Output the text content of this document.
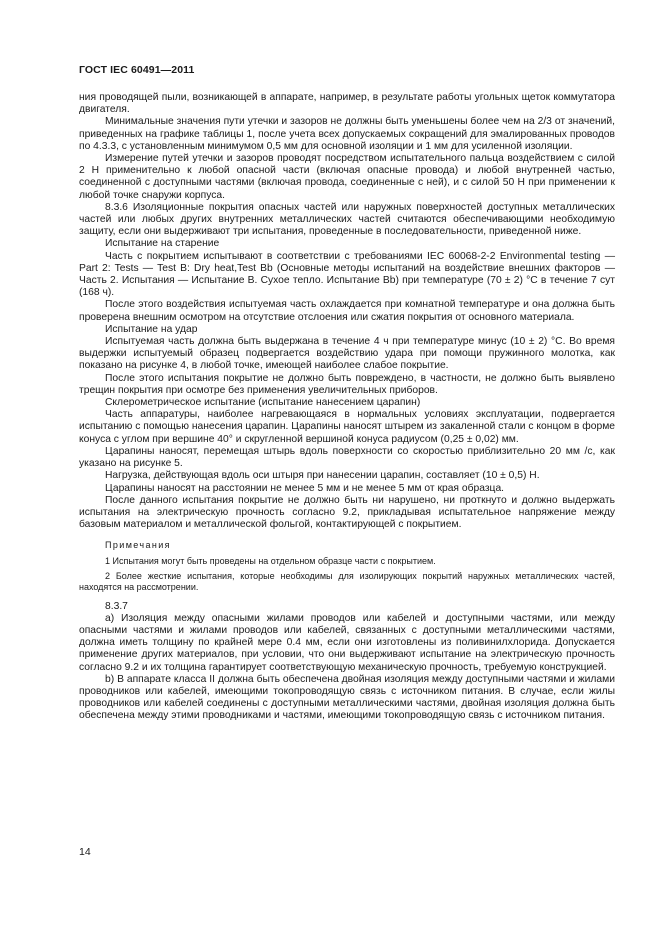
ГОСТ IEC 60491—2011

ния проводящей пыли, возникающей в аппарате, например, в результате работы угольных щеток коммутатора двигателя.

Минимальные значения пути утечки и зазоров не должны быть уменьшены более чем на 2/3 от значений, приведенных на графике таблицы 1, после учета всех допускаемых сокращений для эмалированных проводов по 4.3.3, с установленным минимумом 0,5 мм для основной изоляции и 1 мм для усиленной изоляции.

Измерение путей утечки и зазоров проводят посредством испытательного пальца воздействием с силой 2 Н применительно к любой опасной части (включая опасные провода) и любой внутренней частью, соединенной с доступными частями (включая провода, соединенные с ней), и с силой 50 Н при применении к любой точке снаружи корпуса.

8.3.6 Изоляционные покрытия опасных частей или наружных поверхностей доступных металлических частей или любых других внутренних металлических частей считаются обеспечивающими необходимую защиту, если они выдерживают три испытания, проведенные в последовательности, приведенной ниже.

Испытание на старение

Часть с покрытием испытывают в соответствии с требованиями IEC 60068-2-2 Environmental testing — Part 2: Tests — Test B: Dry heat,Test Bb (Основные методы испытаний на воздействие внешних факторов — Часть 2. Испытания — Испытание В. Сухое тепло. Испытание Bb) при температуре (70 ± 2) °C в течение 7 сут (168 ч).

После этого воздействия испытуемая часть охлаждается при комнатной температуре и она должна быть проверена внешним осмотром на отсутствие отслоения или сжатия покрытия от основного материала.

Испытание на удар

Испытуемая часть должна быть выдержана в течение 4 ч при температуре минус (10 ± 2) °C. Во время выдержки испытуемый образец подвергается воздействию удара при помощи пружинного молотка, как показано на рисунке 4, в любой точке, имеющей наиболее слабое покрытие.

После этого испытания покрытие не должно быть повреждено, в частности, не должно быть выявлено трещин покрытия при осмотре без применения увеличительных приборов.

Склерометрическое испытание (испытание нанесением царапин)

Часть аппаратуры, наиболее нагревающаяся в нормальных условиях эксплуатации, подвергается испытанию с помощью нанесения царапин. Царапины наносят штырем из закаленной стали с концом в форме конуса с углом при вершине 40° и скругленной вершиной конуса радиусом (0,25 ± 0,02) мм.

Царапины наносят, перемещая штырь вдоль поверхности со скоростью приблизительно 20 мм /с, как указано на рисунке 5.

Нагрузка, действующая вдоль оси штыря при нанесении царапин, составляет (10 ± 0,5) Н.

Царапины наносят на расстоянии не менее 5 мм и не менее 5 мм от края образца.

После данного испытания покрытие не должно быть ни нарушено, ни проткнуто и должно выдержать испытания на электрическую прочность согласно 9.2, прикладывая испытательное напряжение между базовым материалом и металлической фольгой, контактирующей с покрытием.

Примечания

1 Испытания могут быть проведены на отдельном образце части с покрытием.

2 Более жесткие испытания, которые необходимы для изолирующих покрытий наружных металлических частей, находятся на рассмотрении.

8.3.7

а) Изоляция между опасными жилами проводов или кабелей и доступными частями, или между опасными частями и жилами проводов или кабелей, связанных с доступными металлическими частями, должна иметь толщину по крайней мере 0.4 мм, если они изготовлены из поливинилхлорида. Допускается применение других материалов, при условии, что они выдерживают испытание на электрическую прочность согласно 9.2 и их толщина гарантирует соответствующую механическую прочность, требуемую конструкцией.

b) В аппарате класса II должна быть обеспечена двойная изоляция между доступными частями и жилами проводников или кабелей, имеющими токопроводящую связь с источником питания. В случае, если жилы проводников или кабелей соединены с доступными металлическими частями, двойная изоляция должна быть обеспечена между этими проводниками и частями, имеющими токопроводящую связь с источником питания.

14
